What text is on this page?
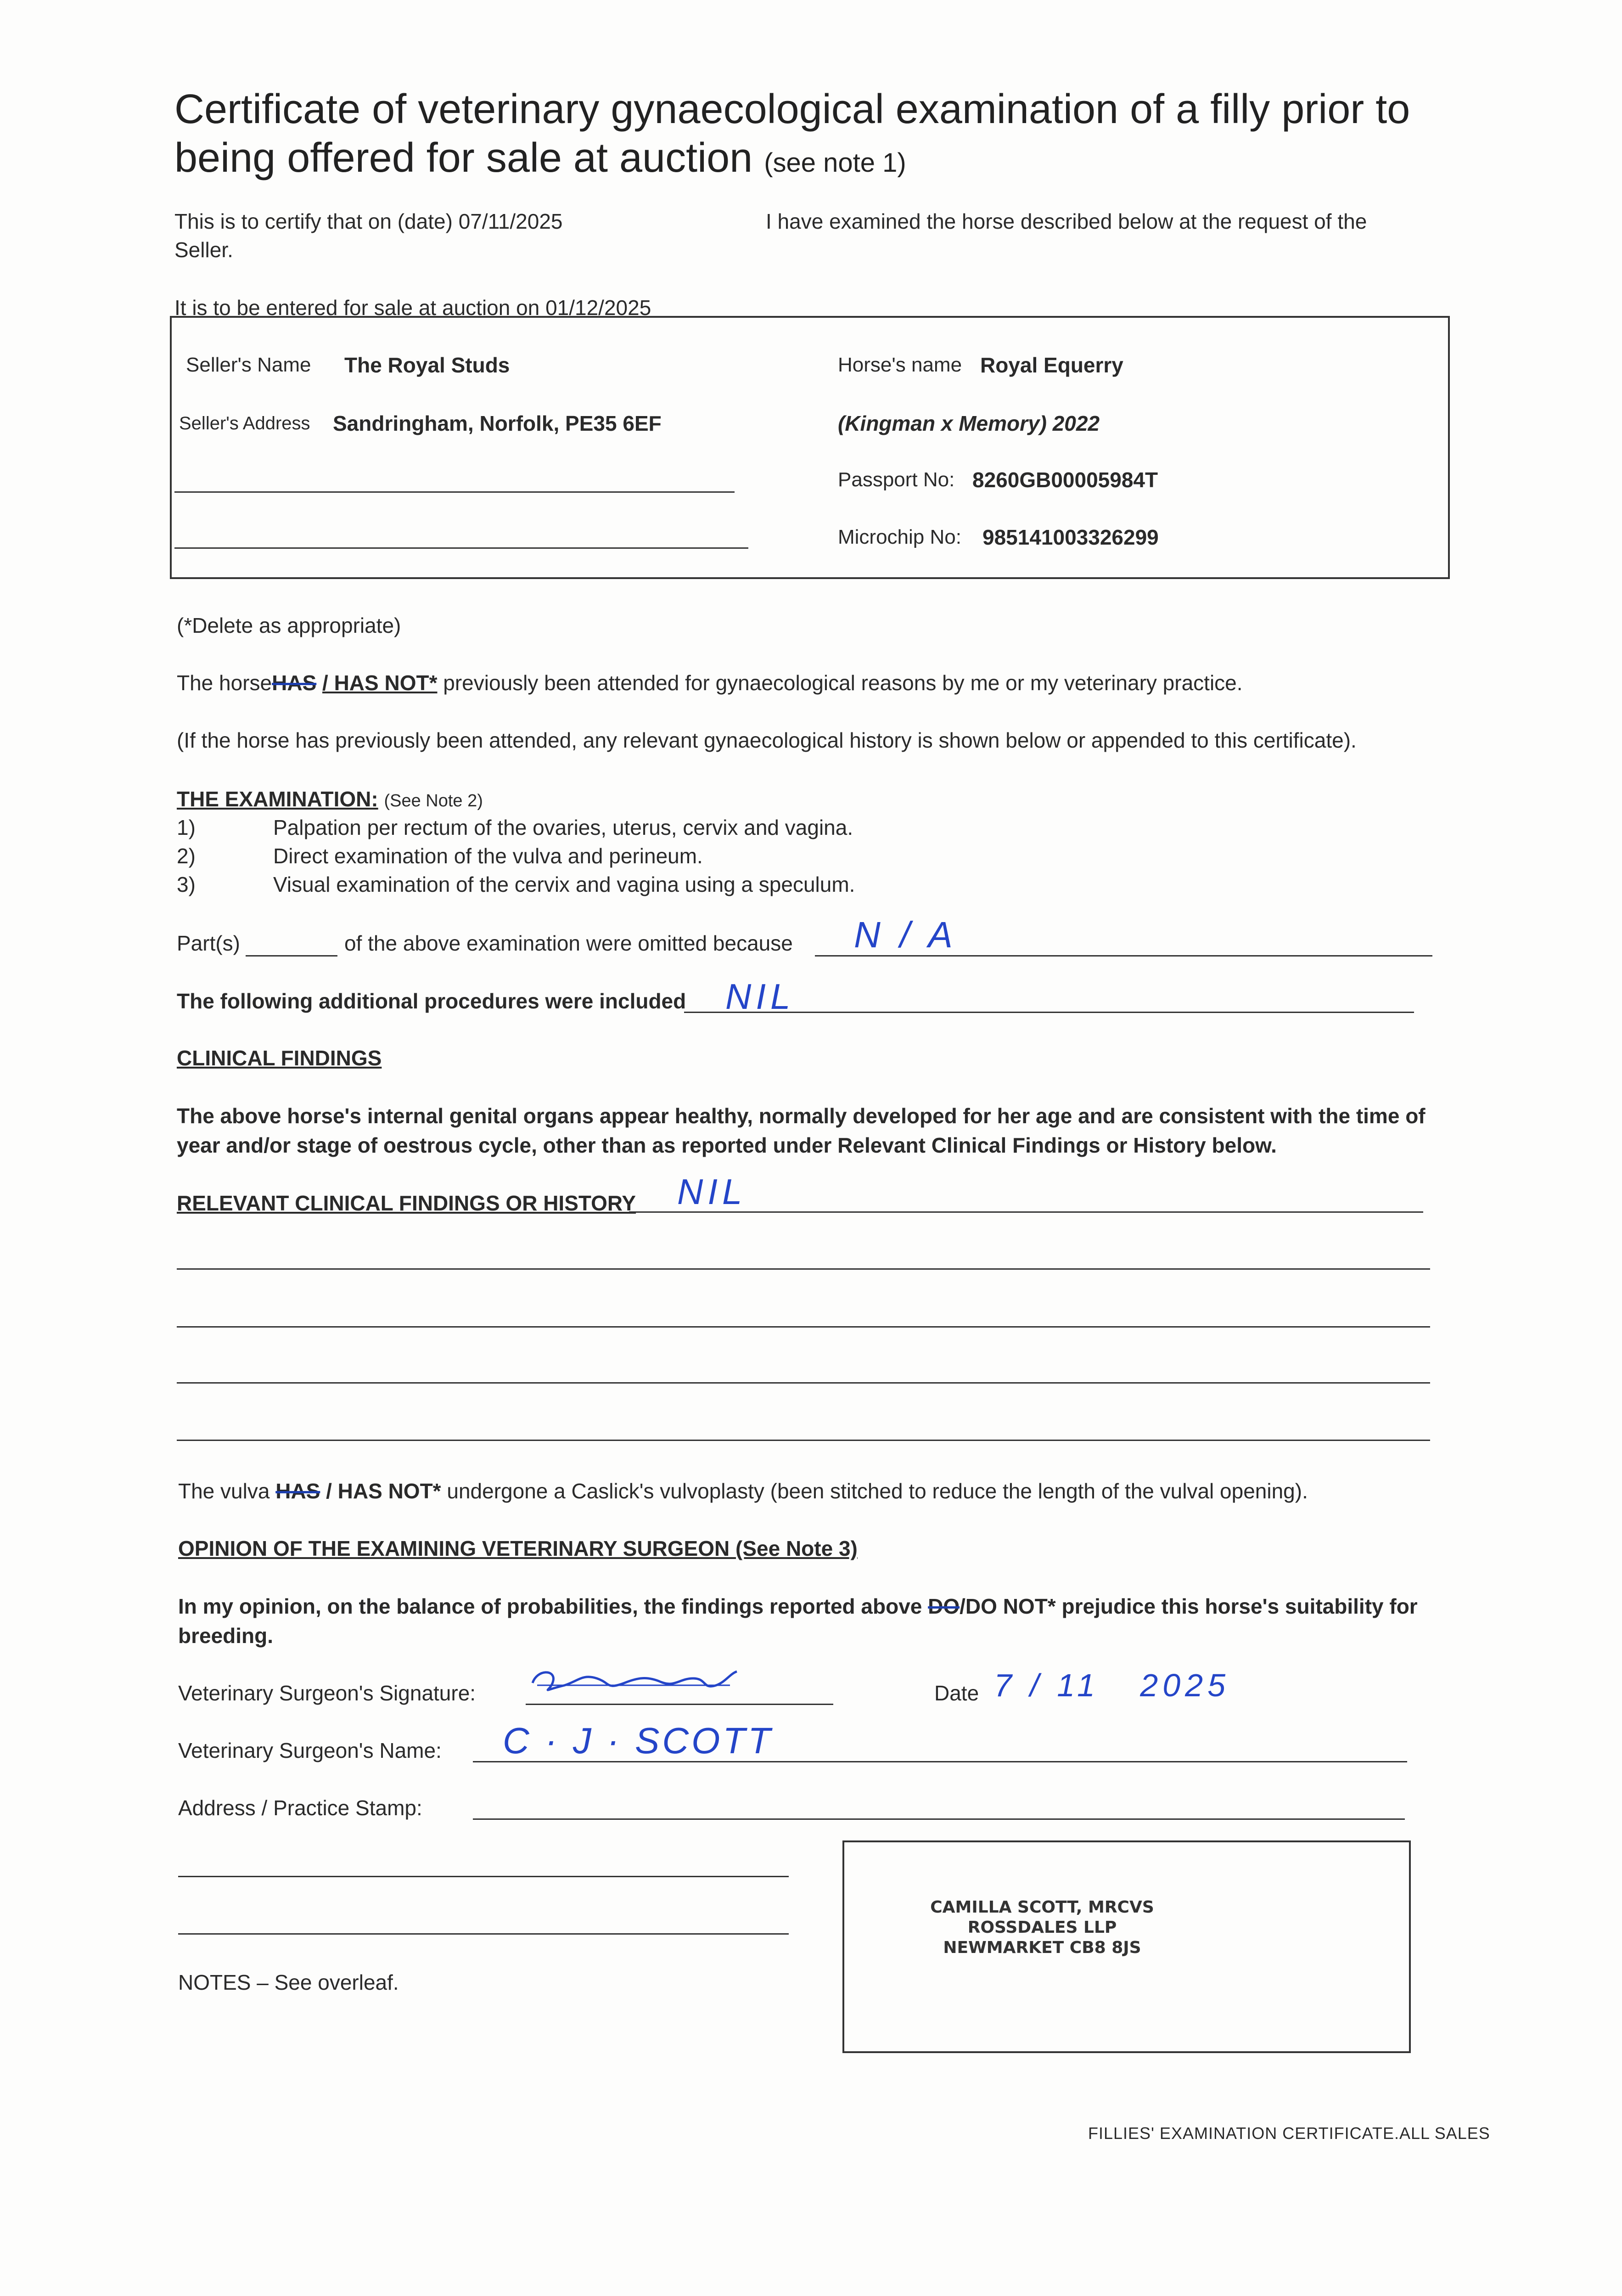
Certificate of veterinary gynaecological examination of a filly prior to being offered for sale at auction (see note 1)
This is to certify that on (date) 07/11/2025	I have examined the horse described below at the request of the
Seller.
It is to be entered for sale at auction on 01/12/2025
Seller's Name The Royal Studs
Seller's Address Sandringham, Norfolk, PE35 6EF
Horse's name Royal Equerry
(Kingman x Memory) 2022
Passport No: 8260GB00005984T
Microchip No: 985141003326299
(*Delete as appropriate)
The horseHAS / HAS NOT* previously been attended for gynaecological reasons by me or my veterinary practice.
(If the horse has previously been attended, any relevant gynaecological history is shown below or appended to this certificate).
THE EXAMINATION: (See Note 2)
1)	Palpation per rectum of the ovaries, uterus, cervix and vagina.
2)	Direct examination of the vulva and perineum.
3)	Visual examination of the cervix and vagina using a speculum.
Part(s)	of the above examination were omitted because N / A
The following additional procedures were included NIL
CLINICAL FINDINGS
The above horse's internal genital organs appear healthy, normally developed for her age and are consistent with the time of year and/or stage of oestrous cycle, other than as reported under Relevant Clinical Findings or History below.
RELEVANT CLINICAL FINDINGS OR HISTORY NIL
The vulva HAS / HAS NOT* undergone a Caslick's vulvoplasty (been stitched to reduce the length of the vulval opening).
OPINION OF THE EXAMINING VETERINARY SURGEON (See Note 3)
In my opinion, on the balance of probabilities, the findings reported above DO/DO NOT* prejudice this horse's suitability for breeding.
Veterinary Surgeon's Signature:	Date 7 / 11   2025
Veterinary Surgeon's Name: C · J · SCOTT
Address / Practice Stamp:
CAMILLA SCOTT, MRCVS
ROSSDALES LLP
NEWMARKET CB8 8JS
NOTES – See overleaf.
FILLIES' EXAMINATION CERTIFICATE.ALL SALES
